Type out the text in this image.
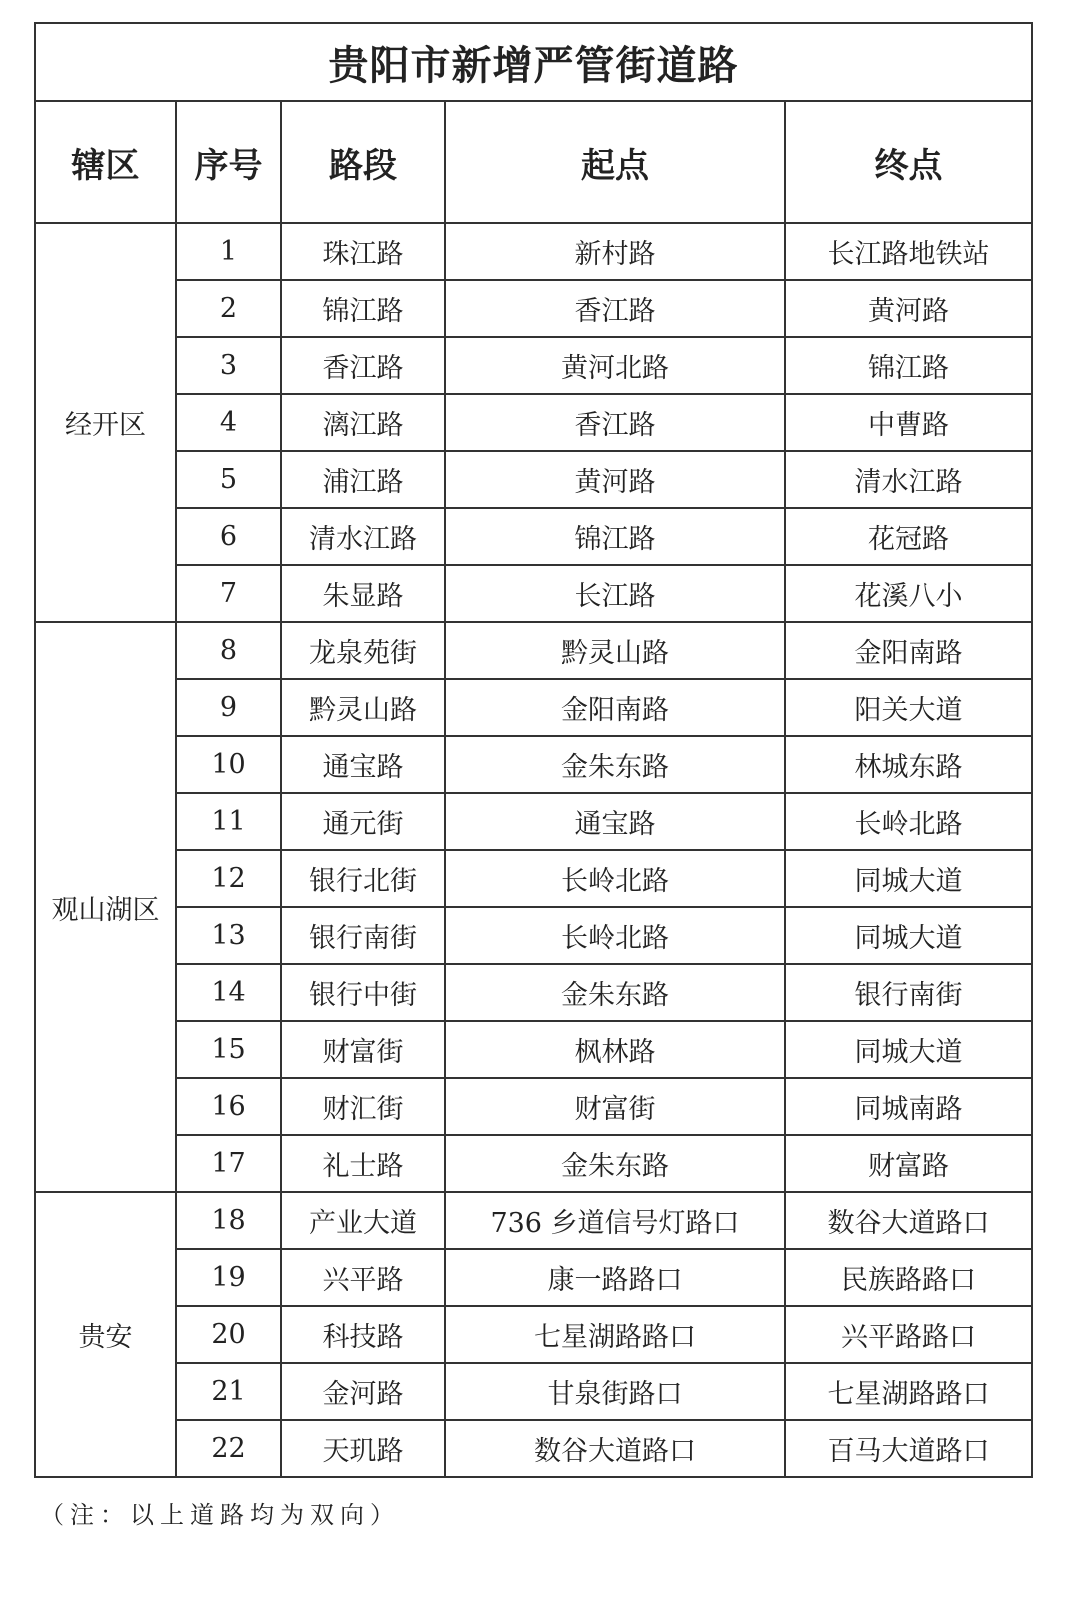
贵阳市新增严管街道路				
辖区	序号	路段	起点	终点
经开区	1	珠江路	新村路	长江路地铁站
	2	锦江路	香江路	黄河路
	3	香江路	黄河北路	锦江路
	4	漓江路	香江路	中曹路
	5	浦江路	黄河路	清水江路
	6	清水江路	锦江路	花冠路
	7	朱显路	长江路	花溪八小
观山湖区	8	龙泉苑街	黔灵山路	金阳南路
	9	黔灵山路	金阳南路	阳关大道
	10	通宝路	金朱东路	林城东路
	11	通元街	通宝路	长岭北路
	12	银行北街	长岭北路	同城大道
	13	银行南街	长岭北路	同城大道
	14	银行中街	金朱东路	银行南街
	15	财富街	枫林路	同城大道
	16	财汇街	财富街	同城南路
	17	礼士路	金朱东路	财富路
贵安	18	产业大道	736 乡道信号灯路口	数谷大道路口
	19	兴平路	康一路路口	民族路路口
	20	科技路	七星湖路路口	兴平路路口
	21	金河路	甘泉街路口	七星湖路路口
	22	天玑路	数谷大道路口	百马大道路口
（注：以上道路均为双向）
